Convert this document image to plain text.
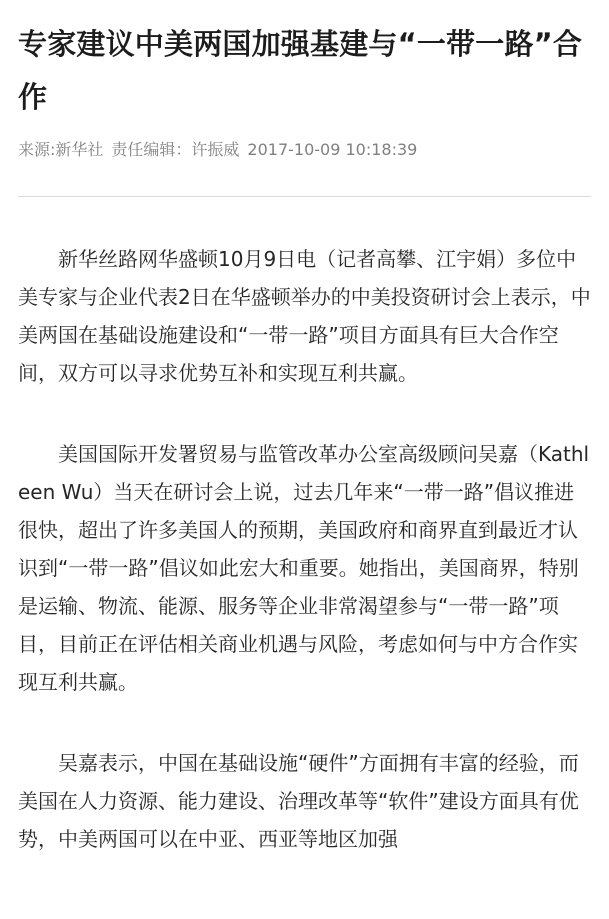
专家建议中美两国加强基建与“一带一路”合作
来源:新华社 责任编辑：许振威 2017-10-09 10:18:39

新华丝路网华盛顿10月9日电（记者高攀、江宇娟）多位中美专家与企业代表2日在华盛顿举办的中美投资研讨会上表示，中美两国在基础设施建设和“一带一路”项目方面具有巨大合作空间，双方可以寻求优势互补和实现互利共赢。

美国国际开发署贸易与监管改革办公室高级顾问吴嘉（Kathleen Wu）当天在研讨会上说，过去几年来“一带一路”倡议推进很快，超出了许多美国人的预期，美国政府和商界直到最近才认识到“一带一路”倡议如此宏大和重要。她指出，美国商界，特别是运输、物流、能源、服务等企业非常渴望参与“一带一路”项目，目前正在评估相关商业机遇与风险，考虑如何与中方合作实现互利共赢。

吴嘉表示，中国在基础设施“硬件”方面拥有丰富的经验，而美国在人力资源、能力建设、治理改革等“软件”建设方面具有优势，中美两国可以在中亚、西亚等地区加强
